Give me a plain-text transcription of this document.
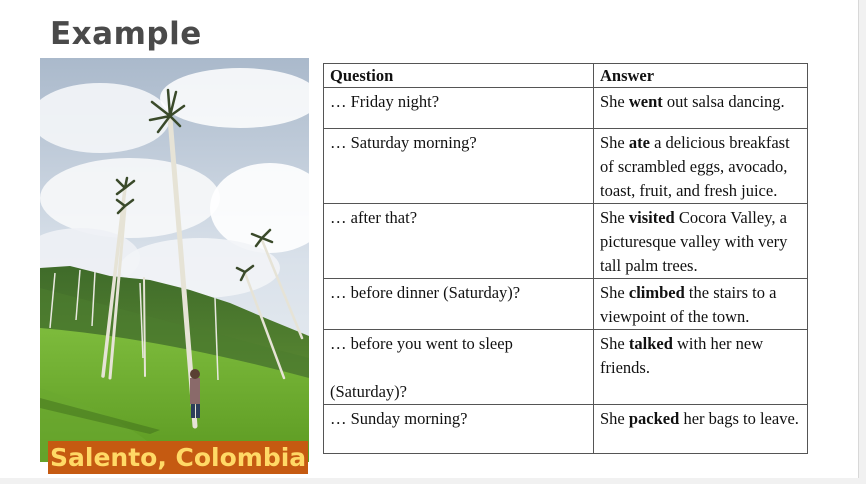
Example
Salento, Colombia
Question	Answer
… Friday night?	She went out salsa dancing.
… Saturday morning?	She ate a delicious breakfast of scrambled eggs, avocado, toast, fruit, and fresh juice.
… after that?	She visited Cocora Valley, a picturesque valley with very tall palm trees.
… before dinner (Saturday)?	She climbed the stairs to a viewpoint of the town.
… before you went to sleep
(Saturday)?	She talked with her new friends.
… Sunday morning?	She packed her bags to leave.
